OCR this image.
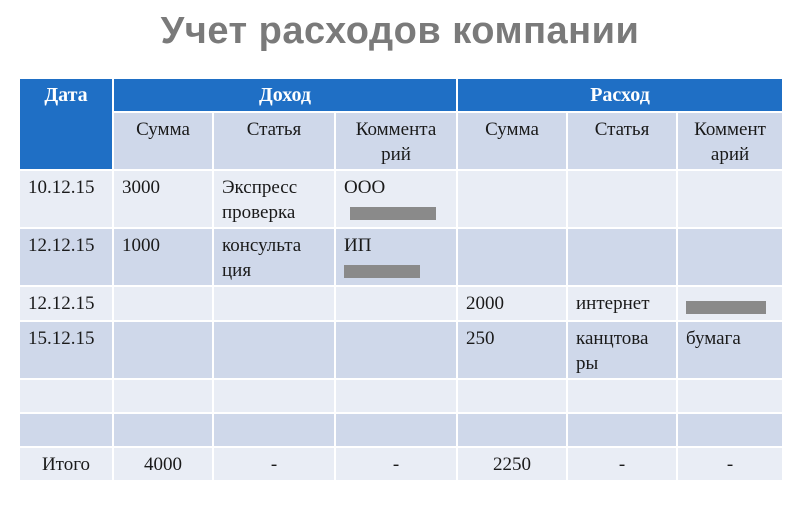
Учет расходов компании
Дата	Доход			Расход		
	Сумма	Статья	Коммента рий	Сумма	Статья	Коммент арий
10.12.15	3000	Экспресс проверка	ООО

12.12.15	1000	консульта ция	ИП

12.12.15				2000	интернет	
15.12.15				250	канцтова ры	бумага

Итого	4000	-	-	2250	-	-
